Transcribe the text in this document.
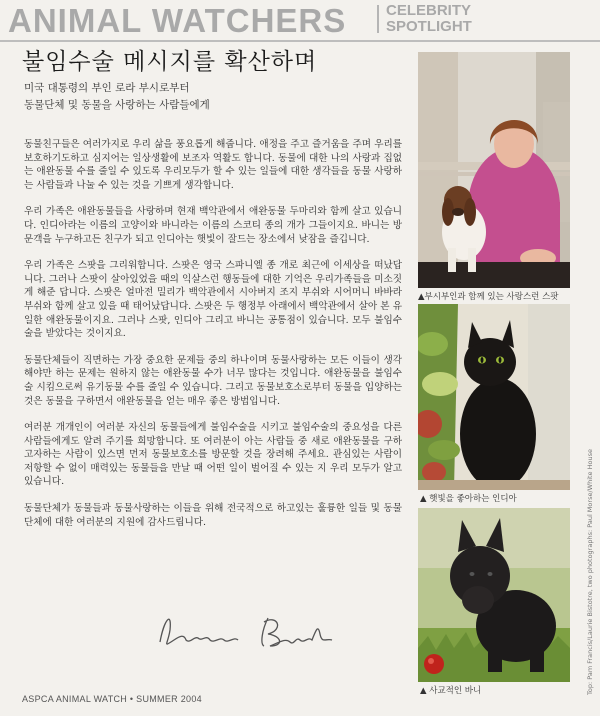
ANIMAL WATCHERS	CELEBRITY
SPOTLIGHT
불임수술 메시지를 확산하며
미국 대통령의 부인 로라 부시로부터
동물단체 및 동물을 사랑하는 사람들에게

동물친구들은 여러가지로 우리 삶을 풍요롭게 해줍니다. 애정을 주고 즐거움을 주며 우리를 보호하기도하고 심지어는 일상생활에 보조자 역활도 합니다. 동물에 대한 나의 사랑과 집없는 애완동물 수를 줄일 수 있도록 우리모두가 할 수 있는 일들에 대한 생각들을 동물 사랑하는 사람들과 나눌 수 있는 것을 기쁘게 생각합니다.

우리 가족은 애완동물들을 사랑하며 현재 백악관에서 애완동물 두마리와 함께 살고 있습니다. 인디아라는 이름의 고양이와 바니라는 이름의 스코티 종의 개가 그들이지요. 바니는 방문객을 누구하고든 친구가 되고 인디아는 햇빛이 잘드는 장소에서 낮잠을 즐깁니다.

우리 가족은 스팟을 그리워합니다. 스팟은 영국 스파니엘 종 개로 최근에 이세상을 떠났답니다. 그러나 스팟이 살아있었을 때의 익살스런 행동들에 대한 기억은 우리가족들을 미소짓게 해준 답니다. 스팟은 얼마전 밀리가 백악관에서 시아버지 조지 부쉬와 시어머니 바바라 부쉬와 함께 살고 있을 때 태어났답니다. 스팟은 두 행정부 아래에서 백악관에서 살아 본 유일한 애완동물이지요. 그러나 스팟, 인디아 그리고 바니는 공통점이 있습니다. 모두 불임수술을 받았다는 것이지요.

동물단체들이 직면하는 가장 중요한 문제들 중의 하나이며 동물사랑하는 모든 이들이 생각해야만 하는 문제는 원하지 않는 애완동물 수가 너무 많다는 것입니다. 애완동물을 불임수술 시킴으로써 유기동물 수를 줄일 수 있습니다. 그리고 동물보호소로부터 동물을 입양하는 것은 동물을 구하면서 애완동물을 얻는 매우 좋은 방법입니다.

여러분 개개인이 여러분 자신의 동물들에게 불임수술을 시키고 불임수술의 중요성을 다른 사람들에게도 알려 주기를 희망합니다. 또 여러분이 아는 사람들 중 새로 애완동물을 구하고자하는 사람이 있스면 먼저 동물보호소를 방문할 것을 장려해 주세요. 관심있는 사람이 저항할 수 없이 매력있는 동물들을 만날 때 어떤 일이 벌어질 수 있는 지 우리 모두가 알고 있습니다.

동물단체가 동물들과 동물사랑하는 이들을 위해 전국적으로 하고있는 훌륭한 일들 및 동물단체에 대한 여러분의 지원에 감사드립니다.

ASPCA ANIMAL WATCH • SUMMER 2004
▲부시부인과 함께 있는 사랑스런 스팟
▲ 햇빛을 좋아하는 인디아
▲ 사교적인 바니	Top: Pam Francis/Laurie Bistotre, two photographs: Paul Morse/White House
